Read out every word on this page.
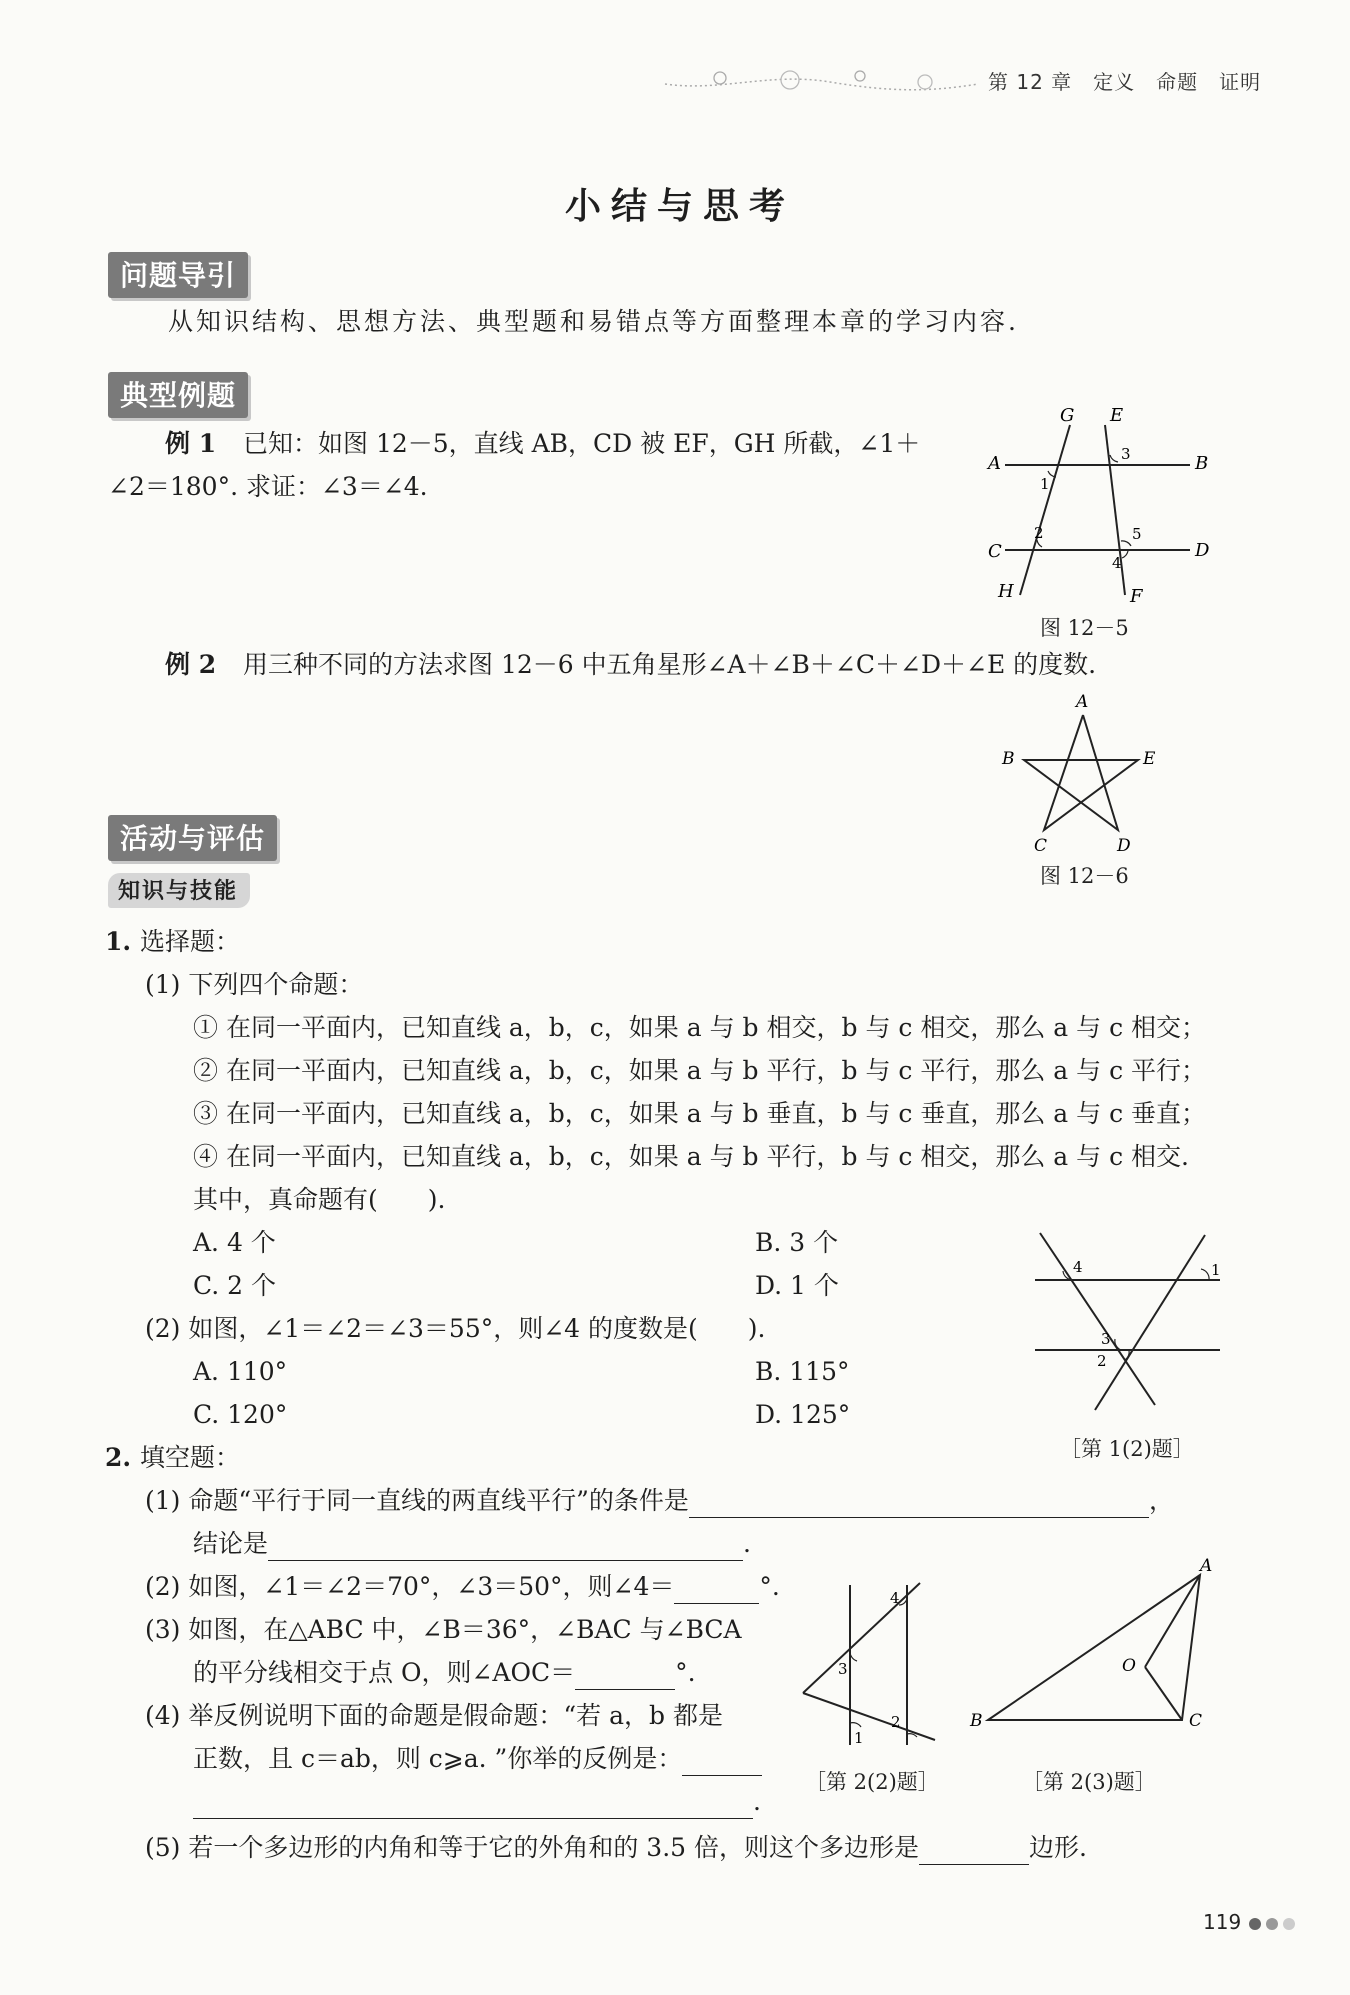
第 12 章　定义　命题　证明
小结与思考
问题导引
从知识结构、思想方法、典型题和易错点等方面整理本章的学习内容.
典型例题
例 1 已知：如图 12－5，直线 AB，CD 被 EF，GH 所截，∠1＋
∠2＝180°. 求证：∠3＝∠4.
A	B
C	D
E
F
G
H
1
2
3
4
5
图 12－5
例 2 用三种不同的方法求图 12－6 中五角星形∠A＋∠B＋∠C＋∠D＋∠E 的度数.
A
B	E
C	D
图 12－6
活动与评估
知识与技能
1. 选择题：
(1) 下列四个命题：
① 在同一平面内，已知直线 a，b，c，如果 a 与 b 相交，b 与 c 相交，那么 a 与 c 相交；
② 在同一平面内，已知直线 a，b，c，如果 a 与 b 平行，b 与 c 平行，那么 a 与 c 平行；
③ 在同一平面内，已知直线 a，b，c，如果 a 与 b 垂直，b 与 c 垂直，那么 a 与 c 垂直；
④ 在同一平面内，已知直线 a，b，c，如果 a 与 b 平行，b 与 c 相交，那么 a 与 c 相交.
其中，真命题有(　　).
A. 4 个	B. 3 个
C. 2 个	D. 1 个
(2) 如图，∠1＝∠2＝∠3＝55°，则∠4 的度数是(　　).
A. 110°	B. 115°
C. 120°	D. 125°
4	1
3
2
［第 1(2)题］
2. 填空题：
(1) 命题“平行于同一直线的两直线平行”的条件是	，
结论是	.
(2) 如图，∠1＝∠2＝70°，∠3＝50°，则∠4＝	°.
(3) 如图，在△ABC 中，∠B＝36°，∠BAC 与∠BCA
的平分线相交于点 O，则∠AOC＝	°.
(4) 举反例说明下面的命题是假命题：“若 a，b 都是
正数，且 c＝ab，则 c⩾a. ”你举的反例是：
.
(5) 若一个多边形的内角和等于它的外角和的 3.5 倍，则这个多边形是	边形.
4
3
2
1
［第 2(2)题］
A
B	C
O
［第 2(3)题］
119
